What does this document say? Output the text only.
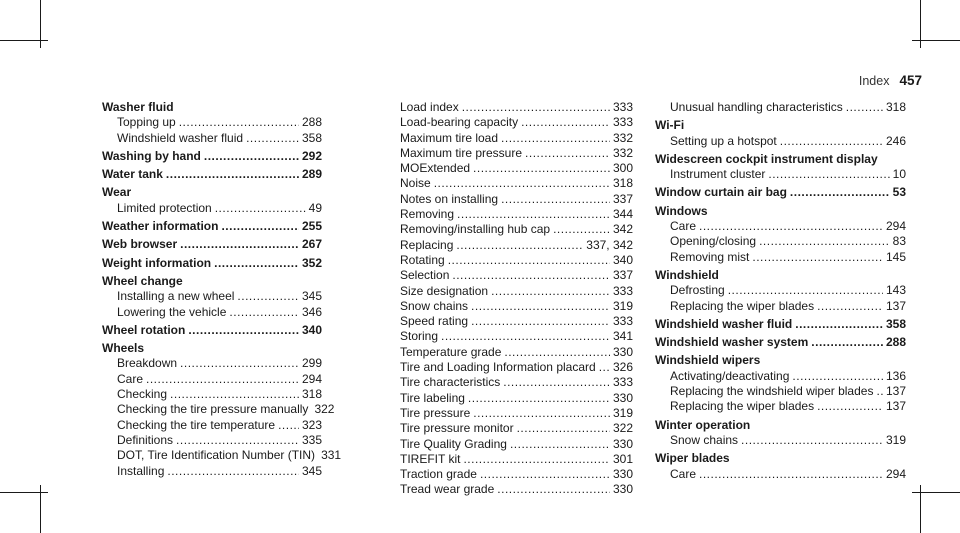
Index 457
Washer fluid
Topping up .....	288
Windshield washer fluid .....	358
Washing by hand .....	292
Water tank .....	289
Wear
Limited protection .....	49
Weather information .....	255
Web browser .....	267
Weight information .....	352
Wheel change
Installing a new wheel .....	345
Lowering the vehicle .....	346
Wheel rotation .....	340
Wheels
Breakdown .....	299
Care .....	294
Checking .....	318
Checking the tire pressure manually 322
Checking the tire temperature ..... 323
Definitions .....	335
DOT, Tire Identification Number (TIN) 331
Installing .....	345
Load index .....	333
Load-bearing capacity .....	333
Maximum tire load .....	332
Maximum tire pressure .....	332
MOExtended .....	300
Noise .....	318
Notes on installing .....	337
Removing .....	344
Removing/installing hub cap .....	342
Replacing .....	337, 342
Rotating .....	340
Selection .....	337
Size designation .....	333
Snow chains .....	319
Speed rating .....	333
Storing .....	341
Temperature grade .....	330
Tire and Loading Information placard ..... 326
Tire characteristics .....	333
Tire labeling .....	330
Tire pressure .....	319
Tire pressure monitor .....	322
Tire Quality Grading .....	330
TIREFIT kit .....	301
Traction grade .....	330
Tread wear grade .....	330
Unusual handling characteristics .....	318
Wi-Fi
Setting up a hotspot .....	246
Widescreen cockpit instrument display
Instrument cluster .....	10
Window curtain air bag .....	53
Windows
Care .....	294
Opening/closing .....	83
Removing mist .....	145
Windshield
Defrosting .....	143
Replacing the wiper blades .....	137
Windshield washer fluid .....	358
Windshield washer system .....	288
Windshield wipers
Activating/deactivating .....	136
Replacing the windshield wiper blades ..... 137
Replacing the wiper blades .....	137
Winter operation
Snow chains .....	319
Wiper blades
Care .....	294
